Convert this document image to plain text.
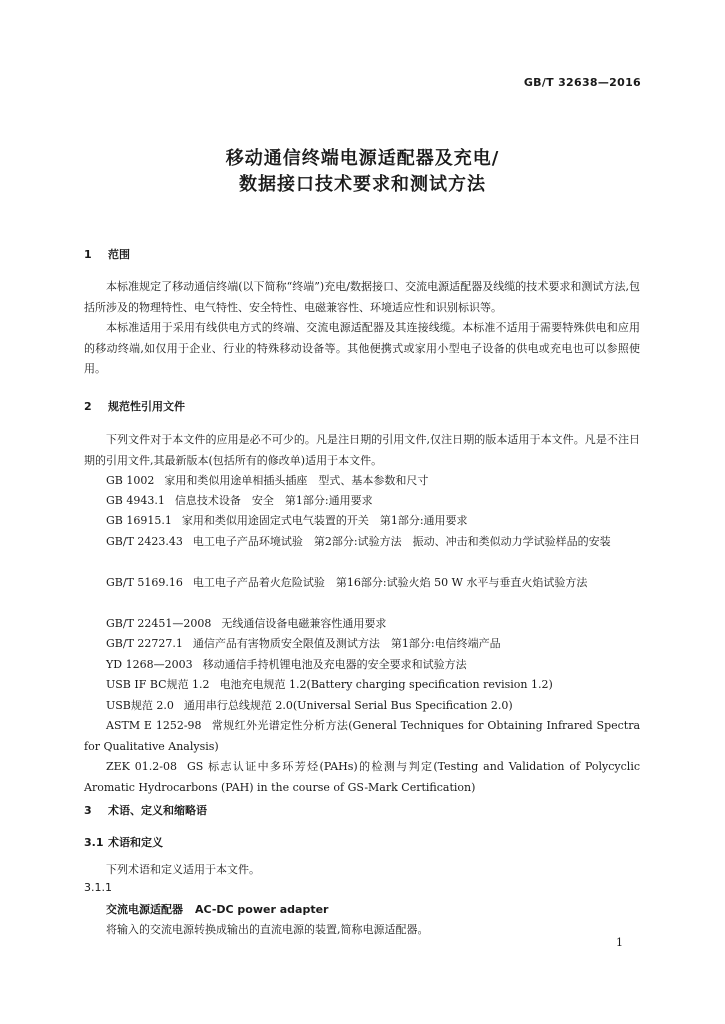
GB/T 32638—2016
移动通信终端电源适配器及充电/
数据接口技术要求和测试方法
1 范围

本标准规定了移动通信终端(以下简称“终端”)充电/数据接口、交流电源适配器及线缆的技术要求和测试方法,包括所涉及的物理特性、电气特性、安全特性、电磁兼容性、环境适应性和识别标识等。

本标准适用于采用有线供电方式的终端、交流电源适配器及其连接线缆。本标准不适用于需要特殊供电和应用的移动终端,如仅用于企业、行业的特殊移动设备等。其他便携式或家用小型电子设备的供电或充电也可以参照使用。

2 规范性引用文件

下列文件对于本文件的应用是必不可少的。凡是注日期的引用文件,仅注日期的版本适用于本文件。凡是不注日期的引用文件,其最新版本(包括所有的修改单)适用于本文件。

GB 1002 家用和类似用途单相插头插座　型式、基本参数和尺寸

GB 4943.1 信息技术设备　安全　第1部分:通用要求

GB 16915.1 家用和类似用途固定式电气装置的开关　第1部分:通用要求

GB/T 2423.43 电工电子产品环境试验　第2部分:试验方法　振动、冲击和类似动力学试验样品的安装

GB/T 5169.16 电工电子产品着火危险试验　第16部分:试验火焰 50 W 水平与垂直火焰试验方法

GB/T 22451—2008 无线通信设备电磁兼容性通用要求

GB/T 22727.1 通信产品有害物质安全限值及测试方法　第1部分:电信终端产品

YD 1268—2003 移动通信手持机锂电池及充电器的安全要求和试验方法

USB IF BC规范 1.2 电池充电规范 1.2(Battery charging specification revision 1.2)

USB规范 2.0 通用串行总线规范 2.0(Universal Serial Bus Specification 2.0)

ASTM E 1252-98 常规红外光谱定性分析方法(General Techniques for Obtaining Infrared Spectra for Qualitative Analysis)

ZEK 01.2-08 GS 标志认证中多环芳烃(PAHs)的检测与判定(Testing and Validation of Polycyclic Aromatic Hydrocarbons (PAH) in the course of GS-Mark Certification)

3 术语、定义和缩略语
3.1 术语和定义
下列术语和定义适用于本文件。
3.1.1
交流电源适配器 AC-DC power adapter
将输入的交流电源转换成输出的直流电源的装置,简称电源适配器。
1
